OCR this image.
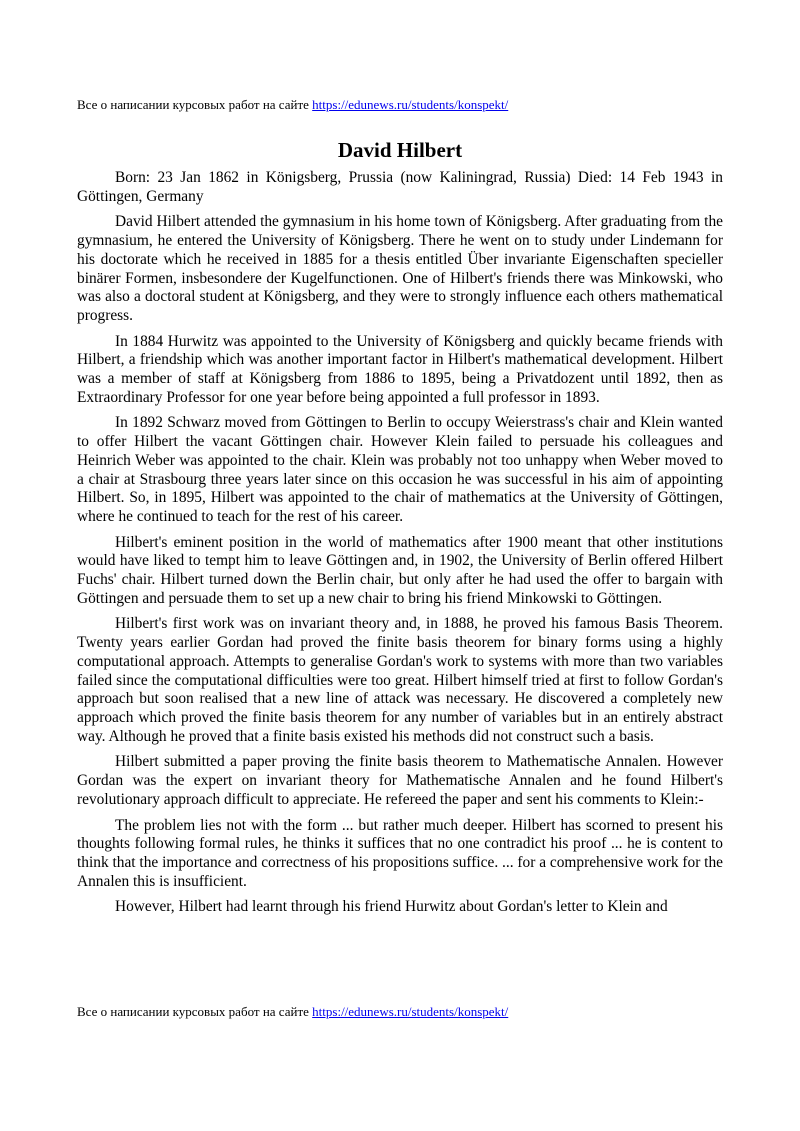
Все о написании курсовых работ на сайте https://edunews.ru/students/konspekt/
David Hilbert

Born: 23 Jan 1862 in Königsberg, Prussia (now Kaliningrad, Russia) Died: 14 Feb 1943 in Göttingen, Germany

David Hilbert attended the gymnasium in his home town of Königsberg. After graduating from the gymnasium, he entered the University of Königsberg. There he went on to study under Lindemann for his doctorate which he received in 1885 for a thesis entitled Über invariante Eigenschaften specieller binärer Formen, insbesondere der Kugelfunctionen. One of Hilbert's friends there was Minkowski, who was also a doctoral student at Königsberg, and they were to strongly influence each others mathematical progress.

In 1884 Hurwitz was appointed to the University of Königsberg and quickly became friends with Hilbert, a friendship which was another important factor in Hilbert's mathematical development. Hilbert was a member of staff at Königsberg from 1886 to 1895, being a Privatdozent until 1892, then as Extraordinary Professor for one year before being appointed a full professor in 1893.

In 1892 Schwarz moved from Göttingen to Berlin to occupy Weierstrass's chair and Klein wanted to offer Hilbert the vacant Göttingen chair. However Klein failed to persuade his colleagues and Heinrich Weber was appointed to the chair. Klein was probably not too unhappy when Weber moved to a chair at Strasbourg three years later since on this occasion he was successful in his aim of appointing Hilbert. So, in 1895, Hilbert was appointed to the chair of mathematics at the University of Göttingen, where he continued to teach for the rest of his career.

Hilbert's eminent position in the world of mathematics after 1900 meant that other institutions would have liked to tempt him to leave Göttingen and, in 1902, the University of Berlin offered Hilbert Fuchs' chair. Hilbert turned down the Berlin chair, but only after he had used the offer to bargain with Göttingen and persuade them to set up a new chair to bring his friend Minkowski to Göttingen.

Hilbert's first work was on invariant theory and, in 1888, he proved his famous Basis Theorem. Twenty years earlier Gordan had proved the finite basis theorem for binary forms using a highly computational approach. Attempts to generalise Gordan's work to systems with more than two variables failed since the computational difficulties were too great. Hilbert himself tried at first to follow Gordan's approach but soon realised that a new line of attack was necessary. He discovered a completely new approach which proved the finite basis theorem for any number of variables but in an entirely abstract way. Although he proved that a finite basis existed his methods did not construct such a basis.

Hilbert submitted a paper proving the finite basis theorem to Mathematische Annalen. However Gordan was the expert on invariant theory for Mathematische Annalen and he found Hilbert's revolutionary approach difficult to appreciate. He refereed the paper and sent his comments to Klein:-

The problem lies not with the form ... but rather much deeper. Hilbert has scorned to present his thoughts following formal rules, he thinks it suffices that no one contradict his proof ... he is content to think that the importance and correctness of his propositions suffice. ... for a comprehensive work for the Annalen this is insufficient.

However, Hilbert had learnt through his friend Hurwitz about Gordan's letter to Klein and

Все о написании курсовых работ на сайте https://edunews.ru/students/konspekt/
